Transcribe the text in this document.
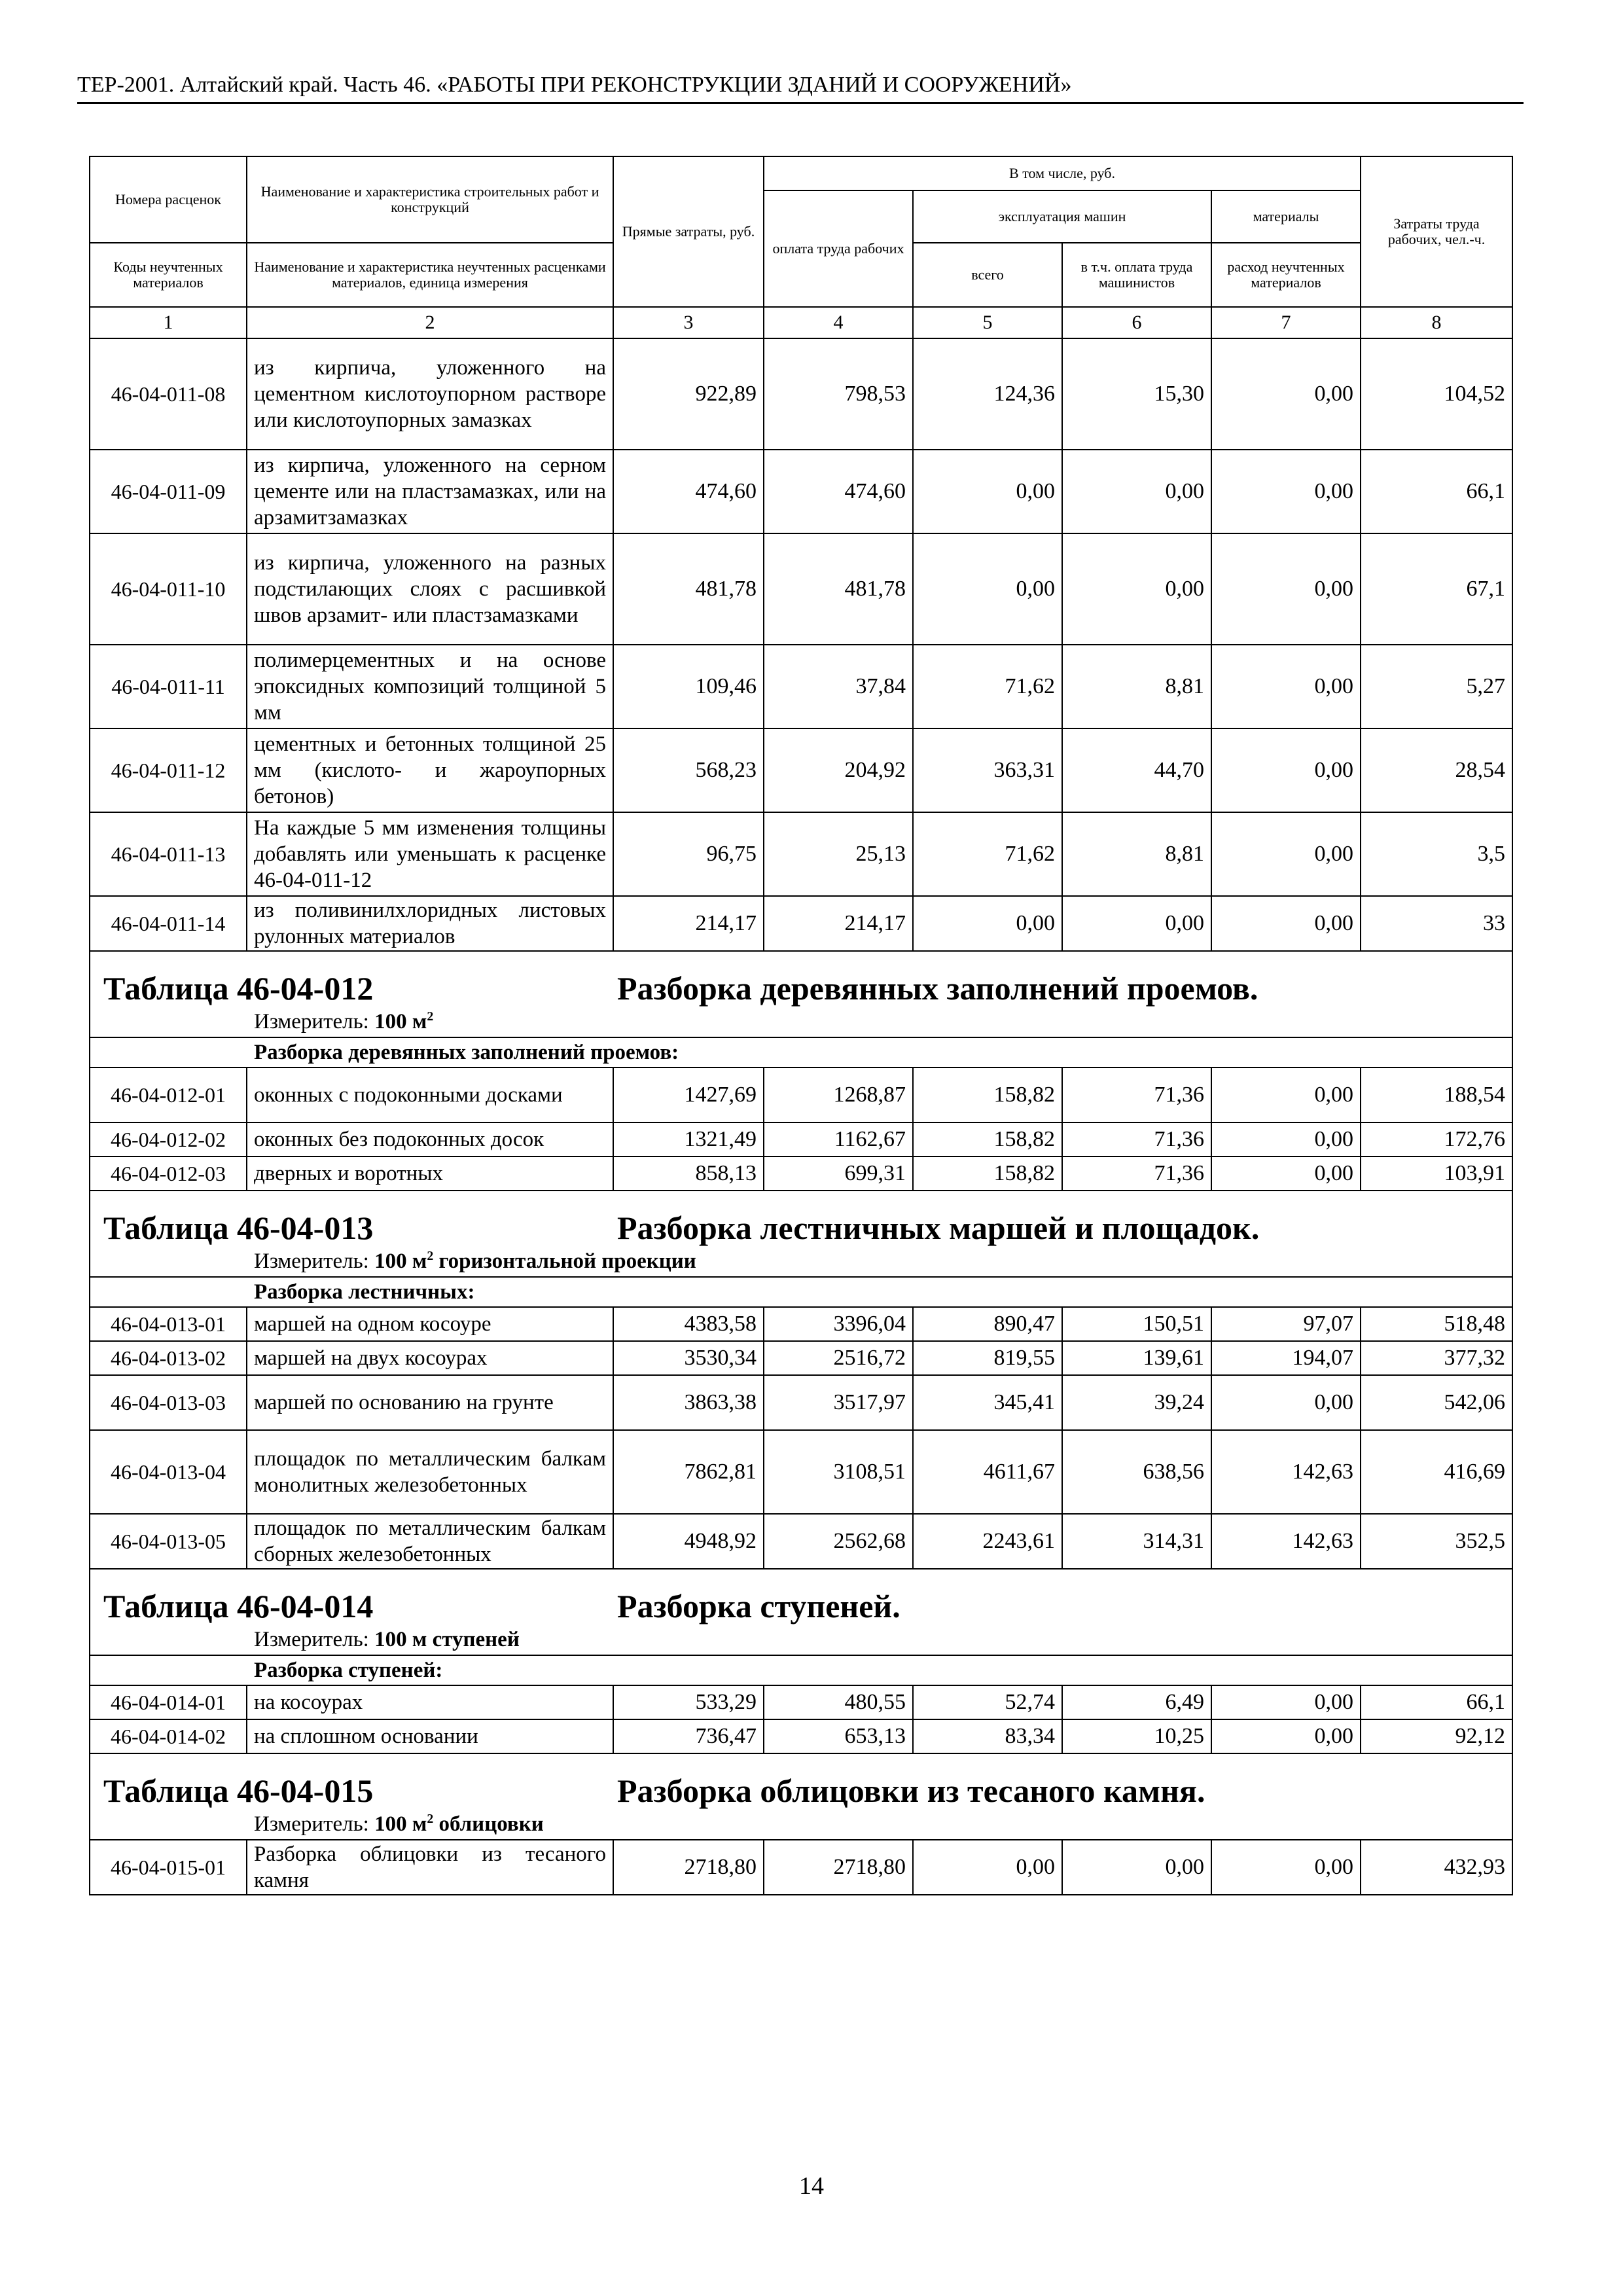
ТЕР-2001. Алтайский край. Часть 46. «РАБОТЫ ПРИ РЕКОНСТРУКЦИИ ЗДАНИЙ И СООРУЖЕНИЙ»
Номера расценок	Наименование и характеристика строительных работ и конструкций	Прямые затраты, руб.	В том числе, руб.				Затраты труда рабочих, чел.-ч.
			оплата труда рабочих	эксплуатация машин		материалы	
Коды неучтенных материалов	Наименование и характеристика неучтенных расценками материалов, единица измерения			всего	в т.ч. оплата труда машинистов	расход неучтенных материалов	
1	2	3	4	5	6	7	8
46-04-011-08	из кирпича, уложенного на цементном кислотоупорном растворе или кислотоупорных замазках	922,89	798,53	124,36	15,30	0,00	104,52
46-04-011-09	из кирпича, уложенного на серном цементе или на пластзамазках, или на арзамитзамазках	474,60	474,60	0,00	0,00	0,00	66,1
46-04-011-10	из кирпича, уложенного на разных подстилающих слоях с расшивкой швов арзамит- или пластзамазками	481,78	481,78	0,00	0,00	0,00	67,1
46-04-011-11	полимерцементных и на основе эпоксидных композиций толщиной 5 мм	109,46	37,84	71,62	8,81	0,00	5,27
46-04-011-12	цементных и бетонных толщиной 25 мм (кислото- и жароупорных бетонов)	568,23	204,92	363,31	44,70	0,00	28,54
46-04-011-13	На каждые 5 мм изменения толщины добавлять или уменьшать к расценке 46-04-011-12	96,75	25,13	71,62	8,81	0,00	3,5
46-04-011-14	из поливинилхлоридных листовых рулонных материалов	214,17	214,17	0,00	0,00	0,00	33

Таблица 46-04-012 Разборка деревянных заполнений проемов.							

Измеритель: 100 $м^2$
Разборка деревянных заполнений проемов:							
46-04-012-01	оконных с подоконными досками	1427,69	1268,87	158,82	71,36	0,00	188,54
46-04-012-02	оконных без подоконных досок	1321,49	1162,67	158,82	71,36	0,00	172,76
46-04-012-03	дверных и воротных	858,13	699,31	158,82	71,36	0,00	103,91

Таблица 46-04-013 Разборка лестничных маршей и площадок.							

Измеритель: 100 $м^2$ горизонтальной проекции							
Разборка лестничных:							
46-04-013-01	маршей на одном косоуре	4383,58	3396,04	890,47	150,51	97,07	518,48
46-04-013-02	маршей на двух косоурах	3530,34	2516,72	819,55	139,61	194,07	377,32
46-04-013-03	маршей по основанию на грунте	3863,38	3517,97	345,41	39,24	0,00	542,06
46-04-013-04	площадок по металлическим балкам монолитных железобетонных	7862,81	3108,51	4611,67	638,56	142,63	416,69
46-04-013-05	площадок по металлическим балкам сборных железобетонных	4948,92	2562,68	2243,61	314,31	142,63	352,5

Таблица 46-04-014 Разборка ступеней.							

Измеритель: 100 м ступеней							
Разборка ступеней:							
46-04-014-01	на косоурах	533,29	480,55	52,74	6,49	0,00	66,1
46-04-014-02	на сплошном основании	736,47	653,13	83,34	10,25	0,00	92,12

Таблица 46-04-015 Разборка облицовки из тесаного камня.							

Измеритель: 100 $м^2$ облицовки							
46-04-015-01	Разборка облицовки из тесаного камня	2718,80	2718,80	0,00	0,00	0,00	432,93
14
